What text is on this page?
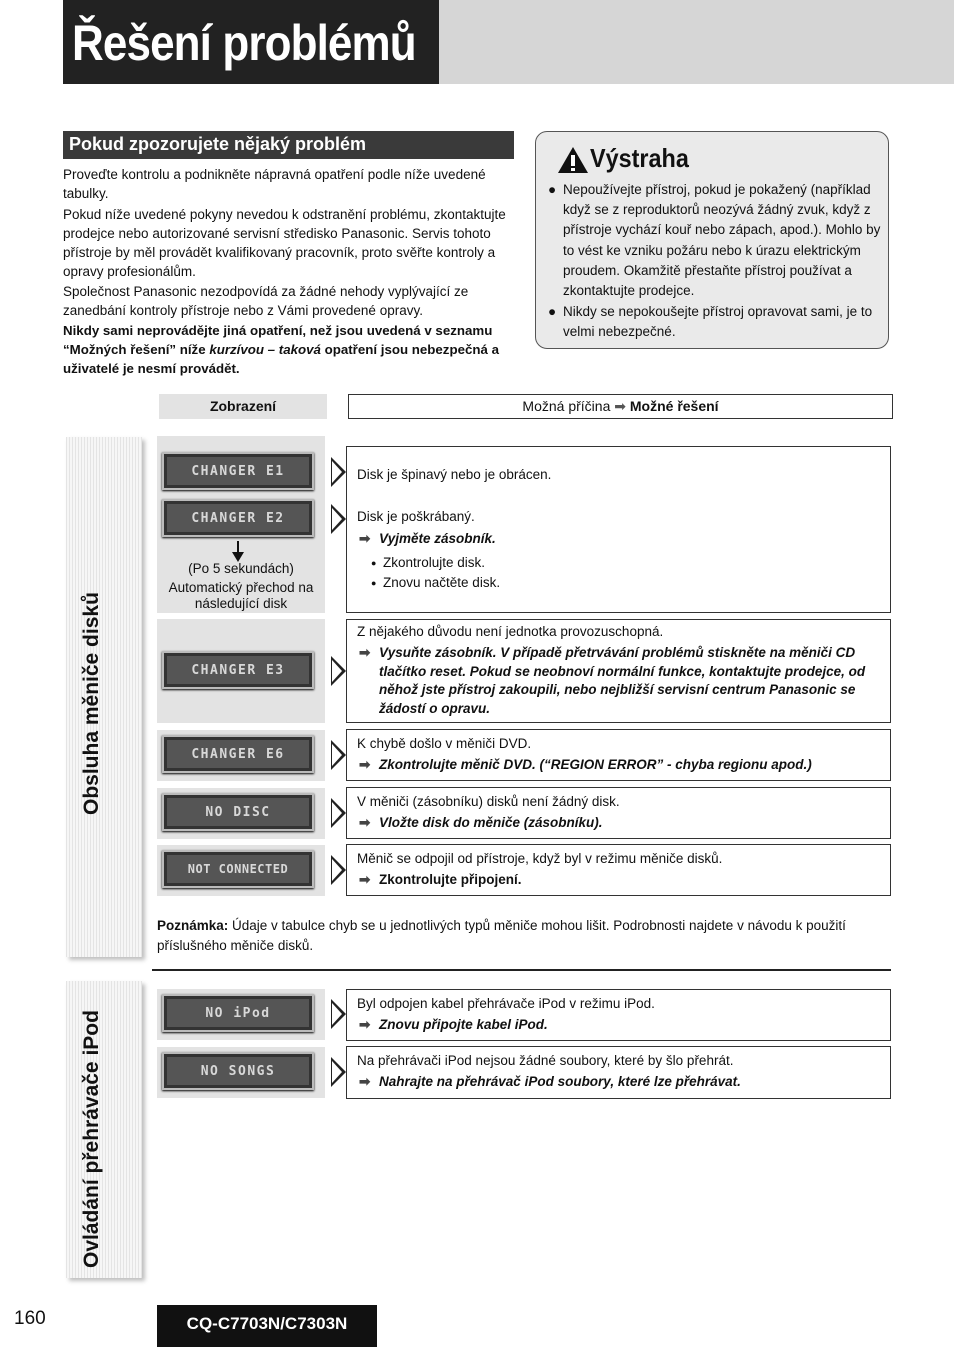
Řešení problémů
Pokud zpozorujete nějaký problém
Proveďte kontrolu a podnikněte nápravná opatření podle níže uvedené tabulky.
Pokud níže uvedené pokyny nevedou k odstranění problému, zkontaktujte prodejce nebo autorizované servisní středisko Panasonic. Servis tohoto přístroje by měl provádět kvalifikovaný pracovník, proto svěřte kontroly a opravy profesionálům.
Společnost Panasonic nezodpovídá za žádné nehody vyplývající ze zanedbání kontroly přístroje nebo z Vámi provedené opravy.
Nikdy sami neprovádějte jiná opatření, než jsou uvedená v seznamu “Možných řešení” níže kurzívou – taková opatření jsou nebezpečná a uživatelé je nesmí provádět.
Výstraha
● Nepoužívejte přístroj, pokud je pokažený (například když se z reproduktorů neozývá žádný zvuk, když z přístroje vychází kouř nebo zápach, apod.). Mohlo by to vést ke vzniku požáru nebo k úrazu elektrickým proudem. Okamžitě přestaňte přístroj používat a zkontaktujte prodejce.
● Nikdy se nepokoušejte přístroj opravovat sami, je to velmi nebezpečné.
Zobrazení	Možná příčina ➡ Možné řešení
Obsluha měniče disků
Ovládání přehrávače iPod
CHANGER E1
CHANGER E2
(Po 5 sekundách)
Automatický přechod na následující disk
Disk je špinavý nebo je obrácen.
Disk je poškrábaný.
➡ Vyjměte zásobník.
● Zkontrolujte disk.
● Znovu načtěte disk.
CHANGER E3
Z nějakého důvodu není jednotka provozuschopná.
➡ Vysuňte zásobník. V případě přetrvávání problémů stiskněte na měniči CD tlačítko reset. Pokud se neobnoví normální funkce, kontaktujte prodejce, od něhož jste přístroj zakoupili, nebo nejbližší servisní centrum Panasonic se žádostí o opravu.
CHANGER E6
K chybě došlo v měniči DVD.
➡ Zkontrolujte měnič DVD. (“REGION ERROR” - chyba regionu apod.)
NO DISC
V měniči (zásobníku) disků není žádný disk.
➡ Vložte disk do měniče (zásobníku).
NOT CONNECTED
Měnič se odpojil od přístroje, když byl v režimu měniče disků.
➡ Zkontrolujte připojení.
Poznámka: Údaje v tabulce chyb se u jednotlivých typů měniče mohou lišit. Podrobnosti najdete v návodu k použití příslušného měniče disků.
NO iPod
Byl odpojen kabel přehrávače iPod v režimu iPod.
➡ Znovu připojte kabel iPod.
NO SONGS
Na přehrávači iPod nejsou žádné soubory, které by šlo přehrát.
➡ Nahrajte na přehrávač iPod soubory, které lze přehrávat.
160	CQ-C7703N/C7303N
